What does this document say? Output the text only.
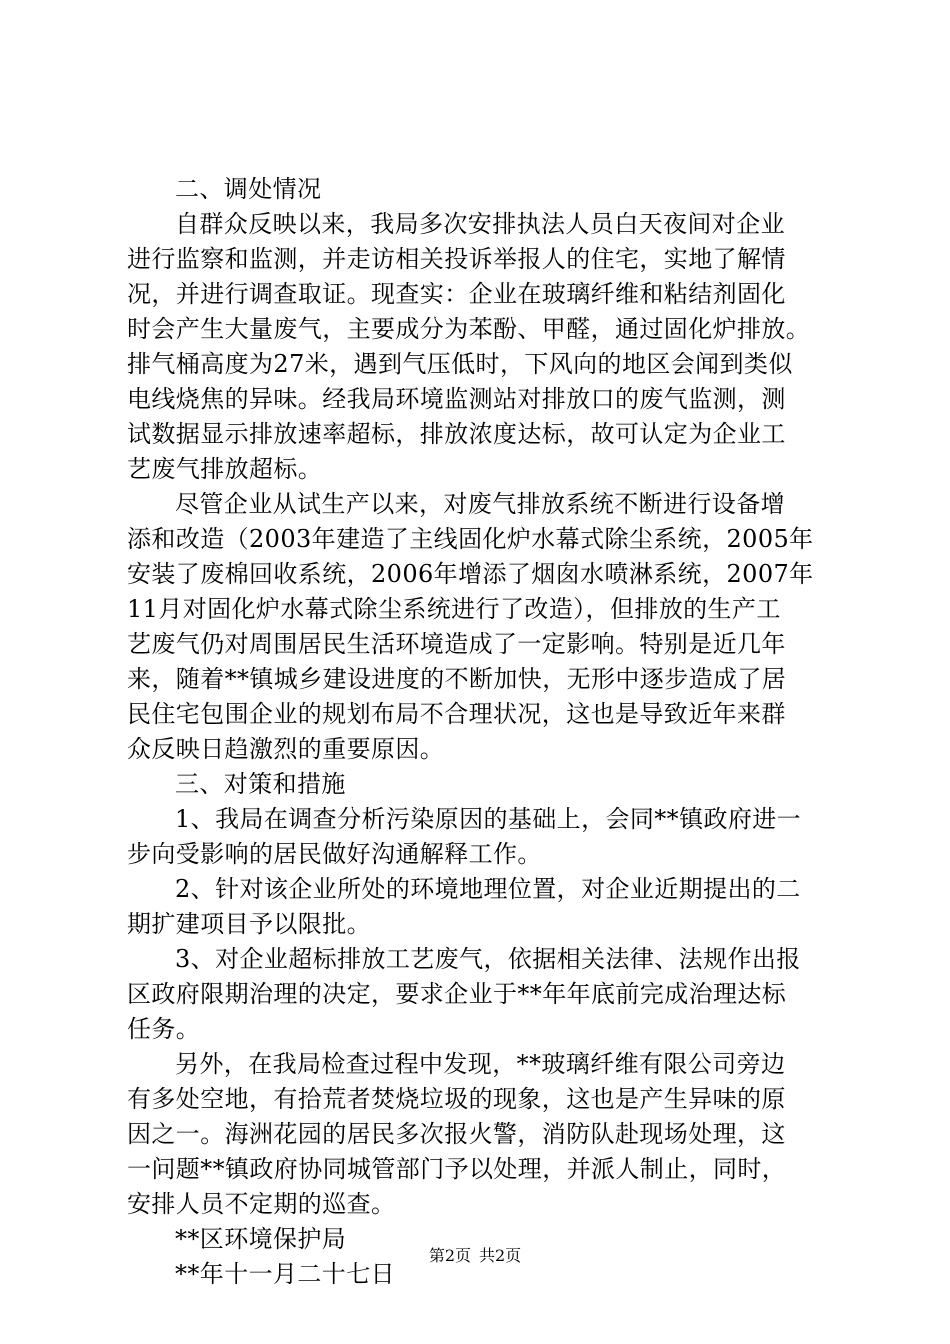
二、调处情况
自群众反映以来，我局多次安排执法人员白天夜间对企业
进行监察和监测，并走访相关投诉举报人的住宅，实地了解情
况，并进行调查取证。现查实：企业在玻璃纤维和粘结剂固化
时会产生大量废气，主要成分为苯酚、甲醛，通过固化炉排放。
排气桶高度为27米，遇到气压低时，下风向的地区会闻到类似
电线烧焦的异味。经我局环境监测站对排放口的废气监测，测
试数据显示排放速率超标，排放浓度达标，故可认定为企业工
艺废气排放超标。
尽管企业从试生产以来，对废气排放系统不断进行设备增
添和改造（2003年建造了主线固化炉水幕式除尘系统，2005年
安装了废棉回收系统，2006年增添了烟囱水喷淋系统，2007年
11月对固化炉水幕式除尘系统进行了改造），但排放的生产工
艺废气仍对周围居民生活环境造成了一定影响。特别是近几年
来，随着**镇城乡建设进度的不断加快，无形中逐步造成了居
民住宅包围企业的规划布局不合理状况，这也是导致近年来群
众反映日趋激烈的重要原因。
三、对策和措施
1、我局在调查分析污染原因的基础上，会同**镇政府进一
步向受影响的居民做好沟通解释工作。
2、针对该企业所处的环境地理位置，对企业近期提出的二
期扩建项目予以限批。
3、对企业超标排放工艺废气，依据相关法律、法规作出报
区政府限期治理的决定，要求企业于**年年底前完成治理达标
任务。
另外，在我局检查过程中发现，**玻璃纤维有限公司旁边
有多处空地，有拾荒者焚烧垃圾的现象，这也是产生异味的原
因之一。海洲花园的居民多次报火警，消防队赴现场处理，这
一问题**镇政府协同城管部门予以处理，并派人制止，同时，
安排人员不定期的巡查。
**区环境保护局
**年十一月二十七日
第2页 共2页
